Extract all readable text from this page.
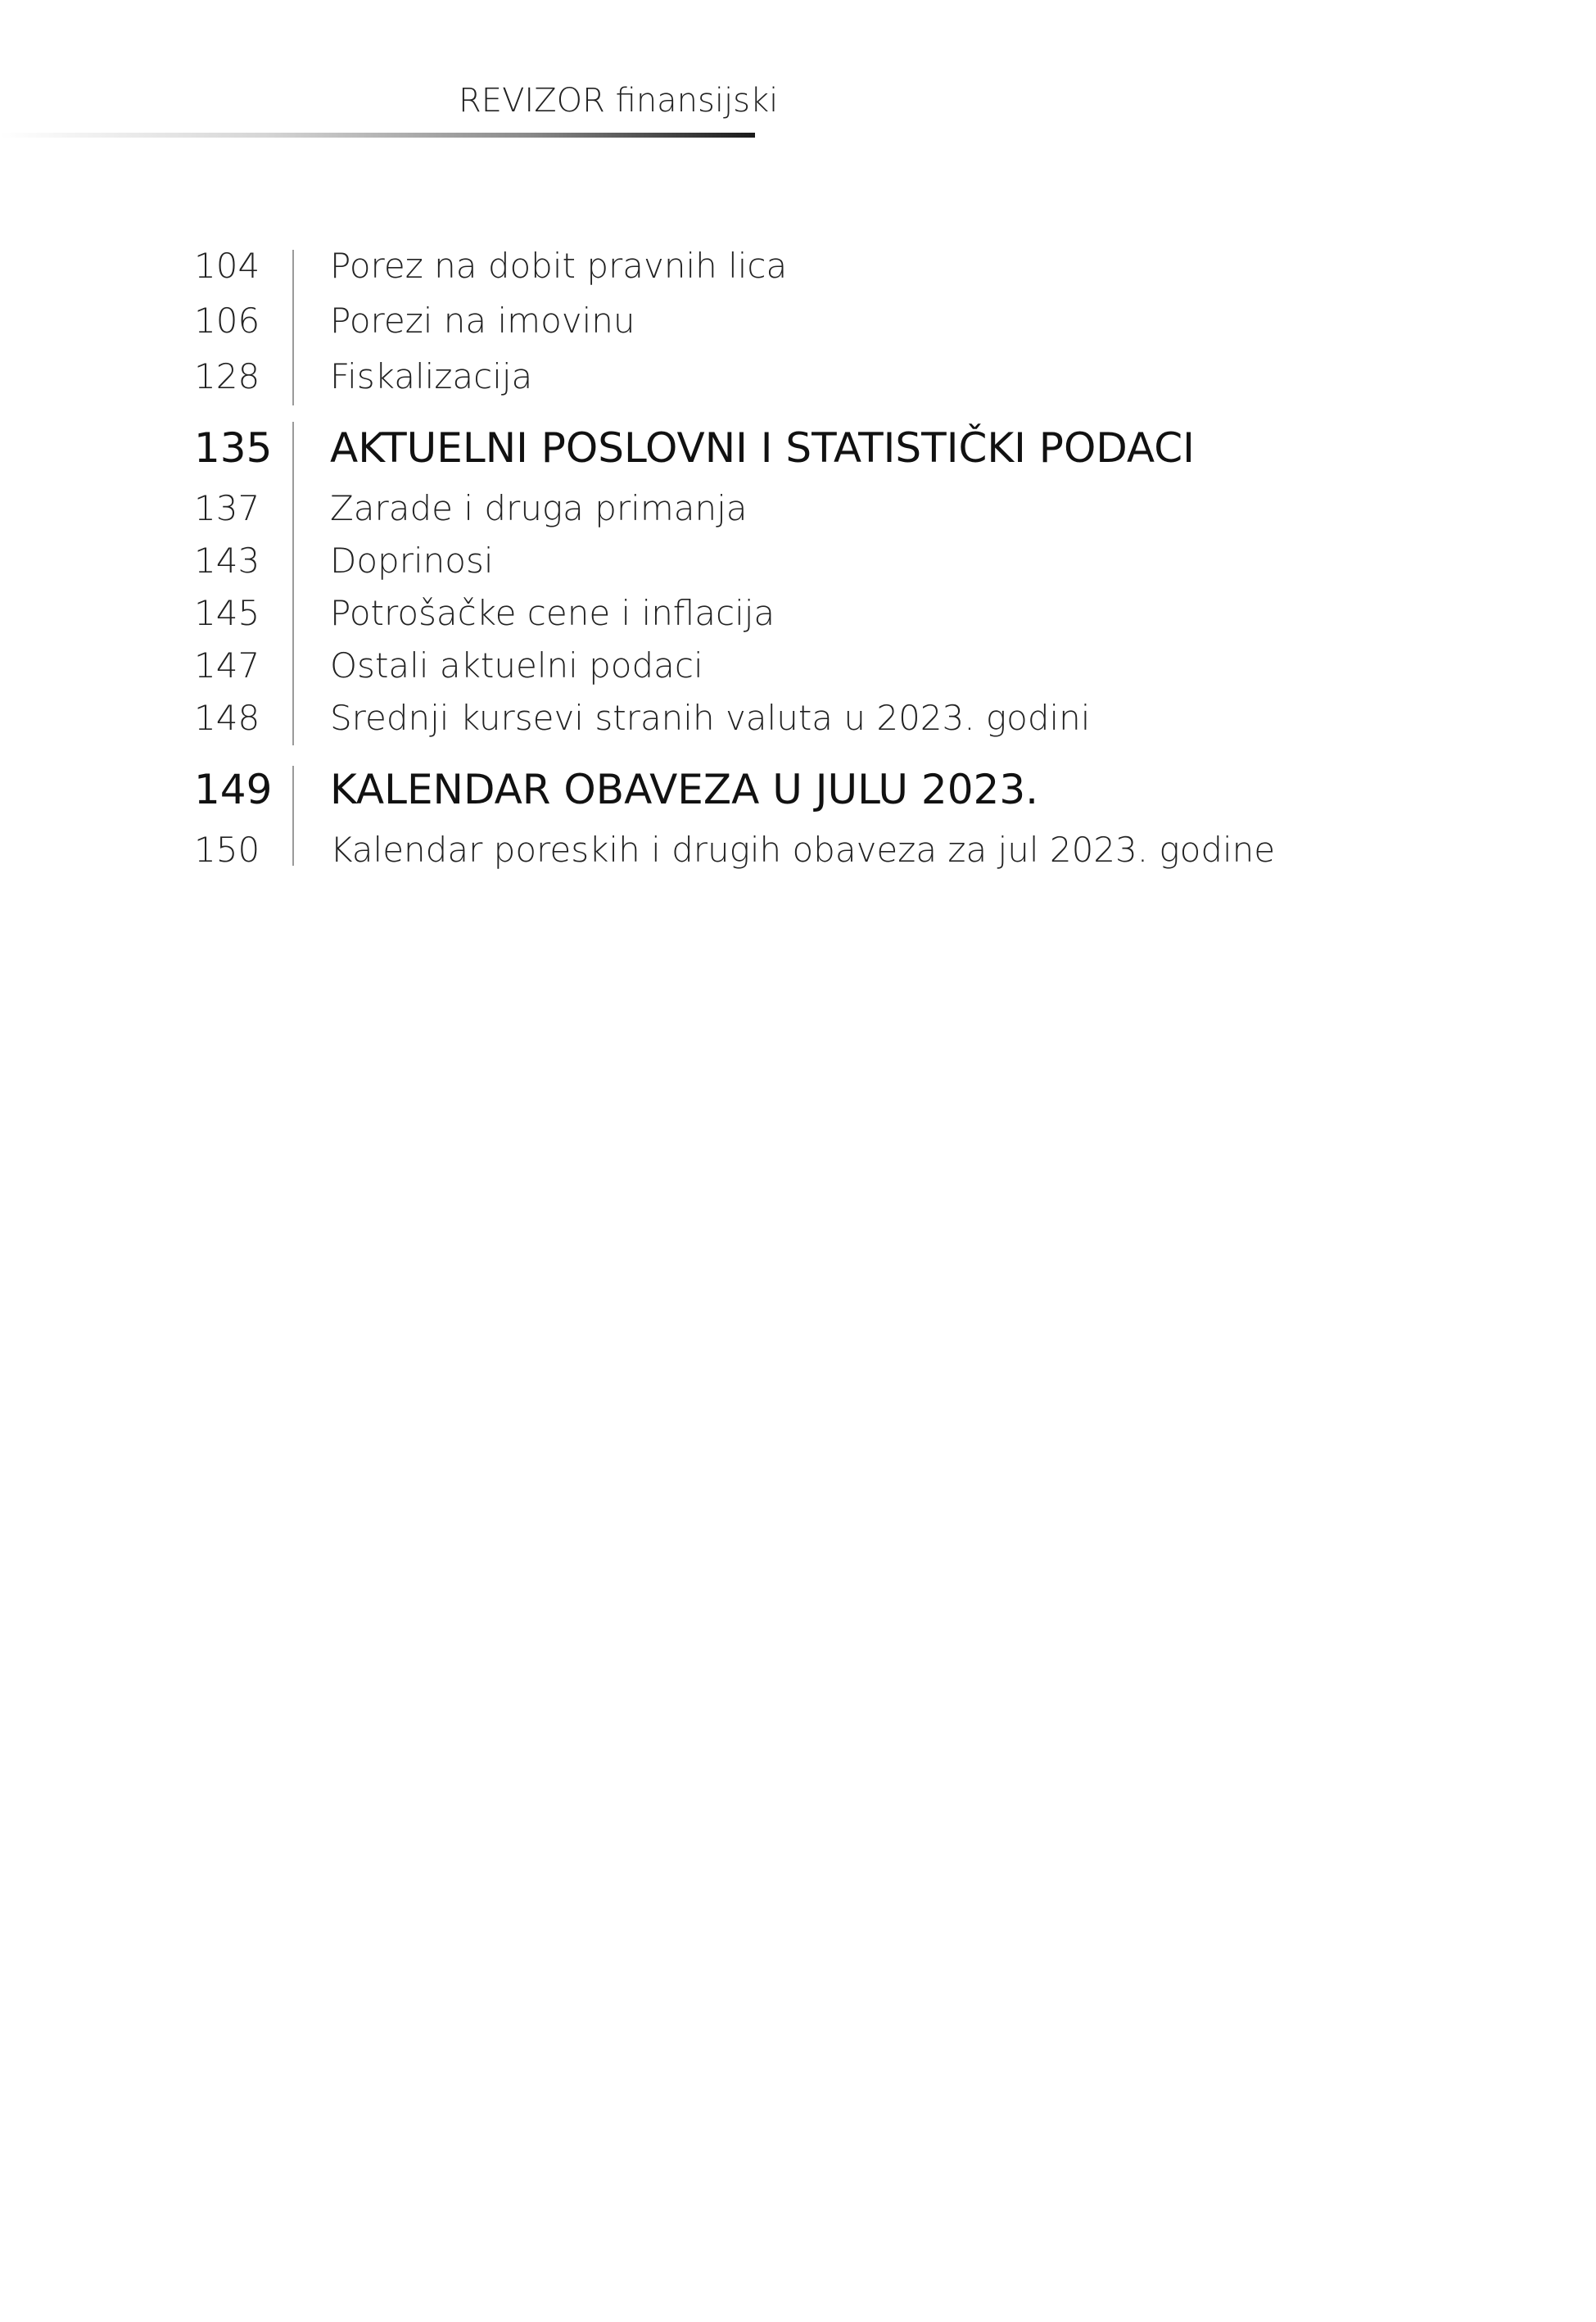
REVIZOR finansijski
104 Porez na dobit pravnih lica
106 Porezi na imovinu
128 Fiskalizacija
135 AKTUELNI POSLOVNI I STATISTIČKI PODACI
137 Zarade i druga primanja
143 Doprinosi
145 Potrošačke cene i inflacija
147 Ostali aktuelni podaci
148 Srednji kursevi stranih valuta u 2023. godini
149 KALENDAR OBAVEZA U JULU 2023.
150 Kalendar poreskih i drugih obaveza za jul 2023. godine
